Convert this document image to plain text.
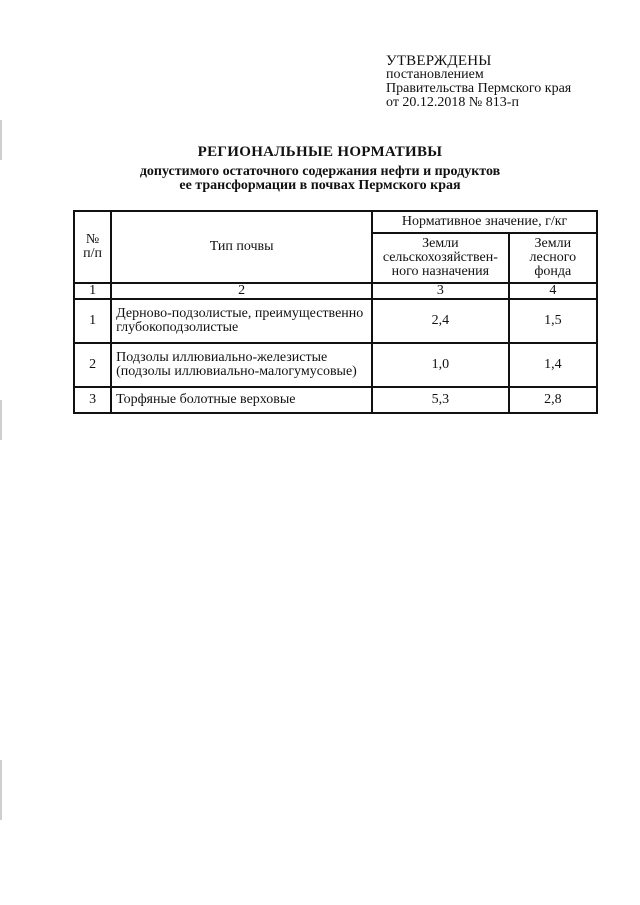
УТВЕРЖДЕНЫ
постановлением
Правительства Пермского края
от 20.12.2018 № 813-п
РЕГИОНАЛЬНЫЕ НОРМАТИВЫ
допустимого остаточного содержания нефти и продуктов
ее трансформации в почвах Пермского края
№ п/п	Тип почвы	Нормативное значение, г/кг	
		Земли сельскохозяйствен-ного назначения	Земли лесного фонда
1	2	3	4
1	Дерново-подзолистые, преимущественно глубокоподзолистые	2,4	1,5
2	Подзолы иллювиально-железистые (подзолы иллювиально-малогумусовые)	1,0	1,4
3	Торфяные болотные верховые	5,3	2,8
